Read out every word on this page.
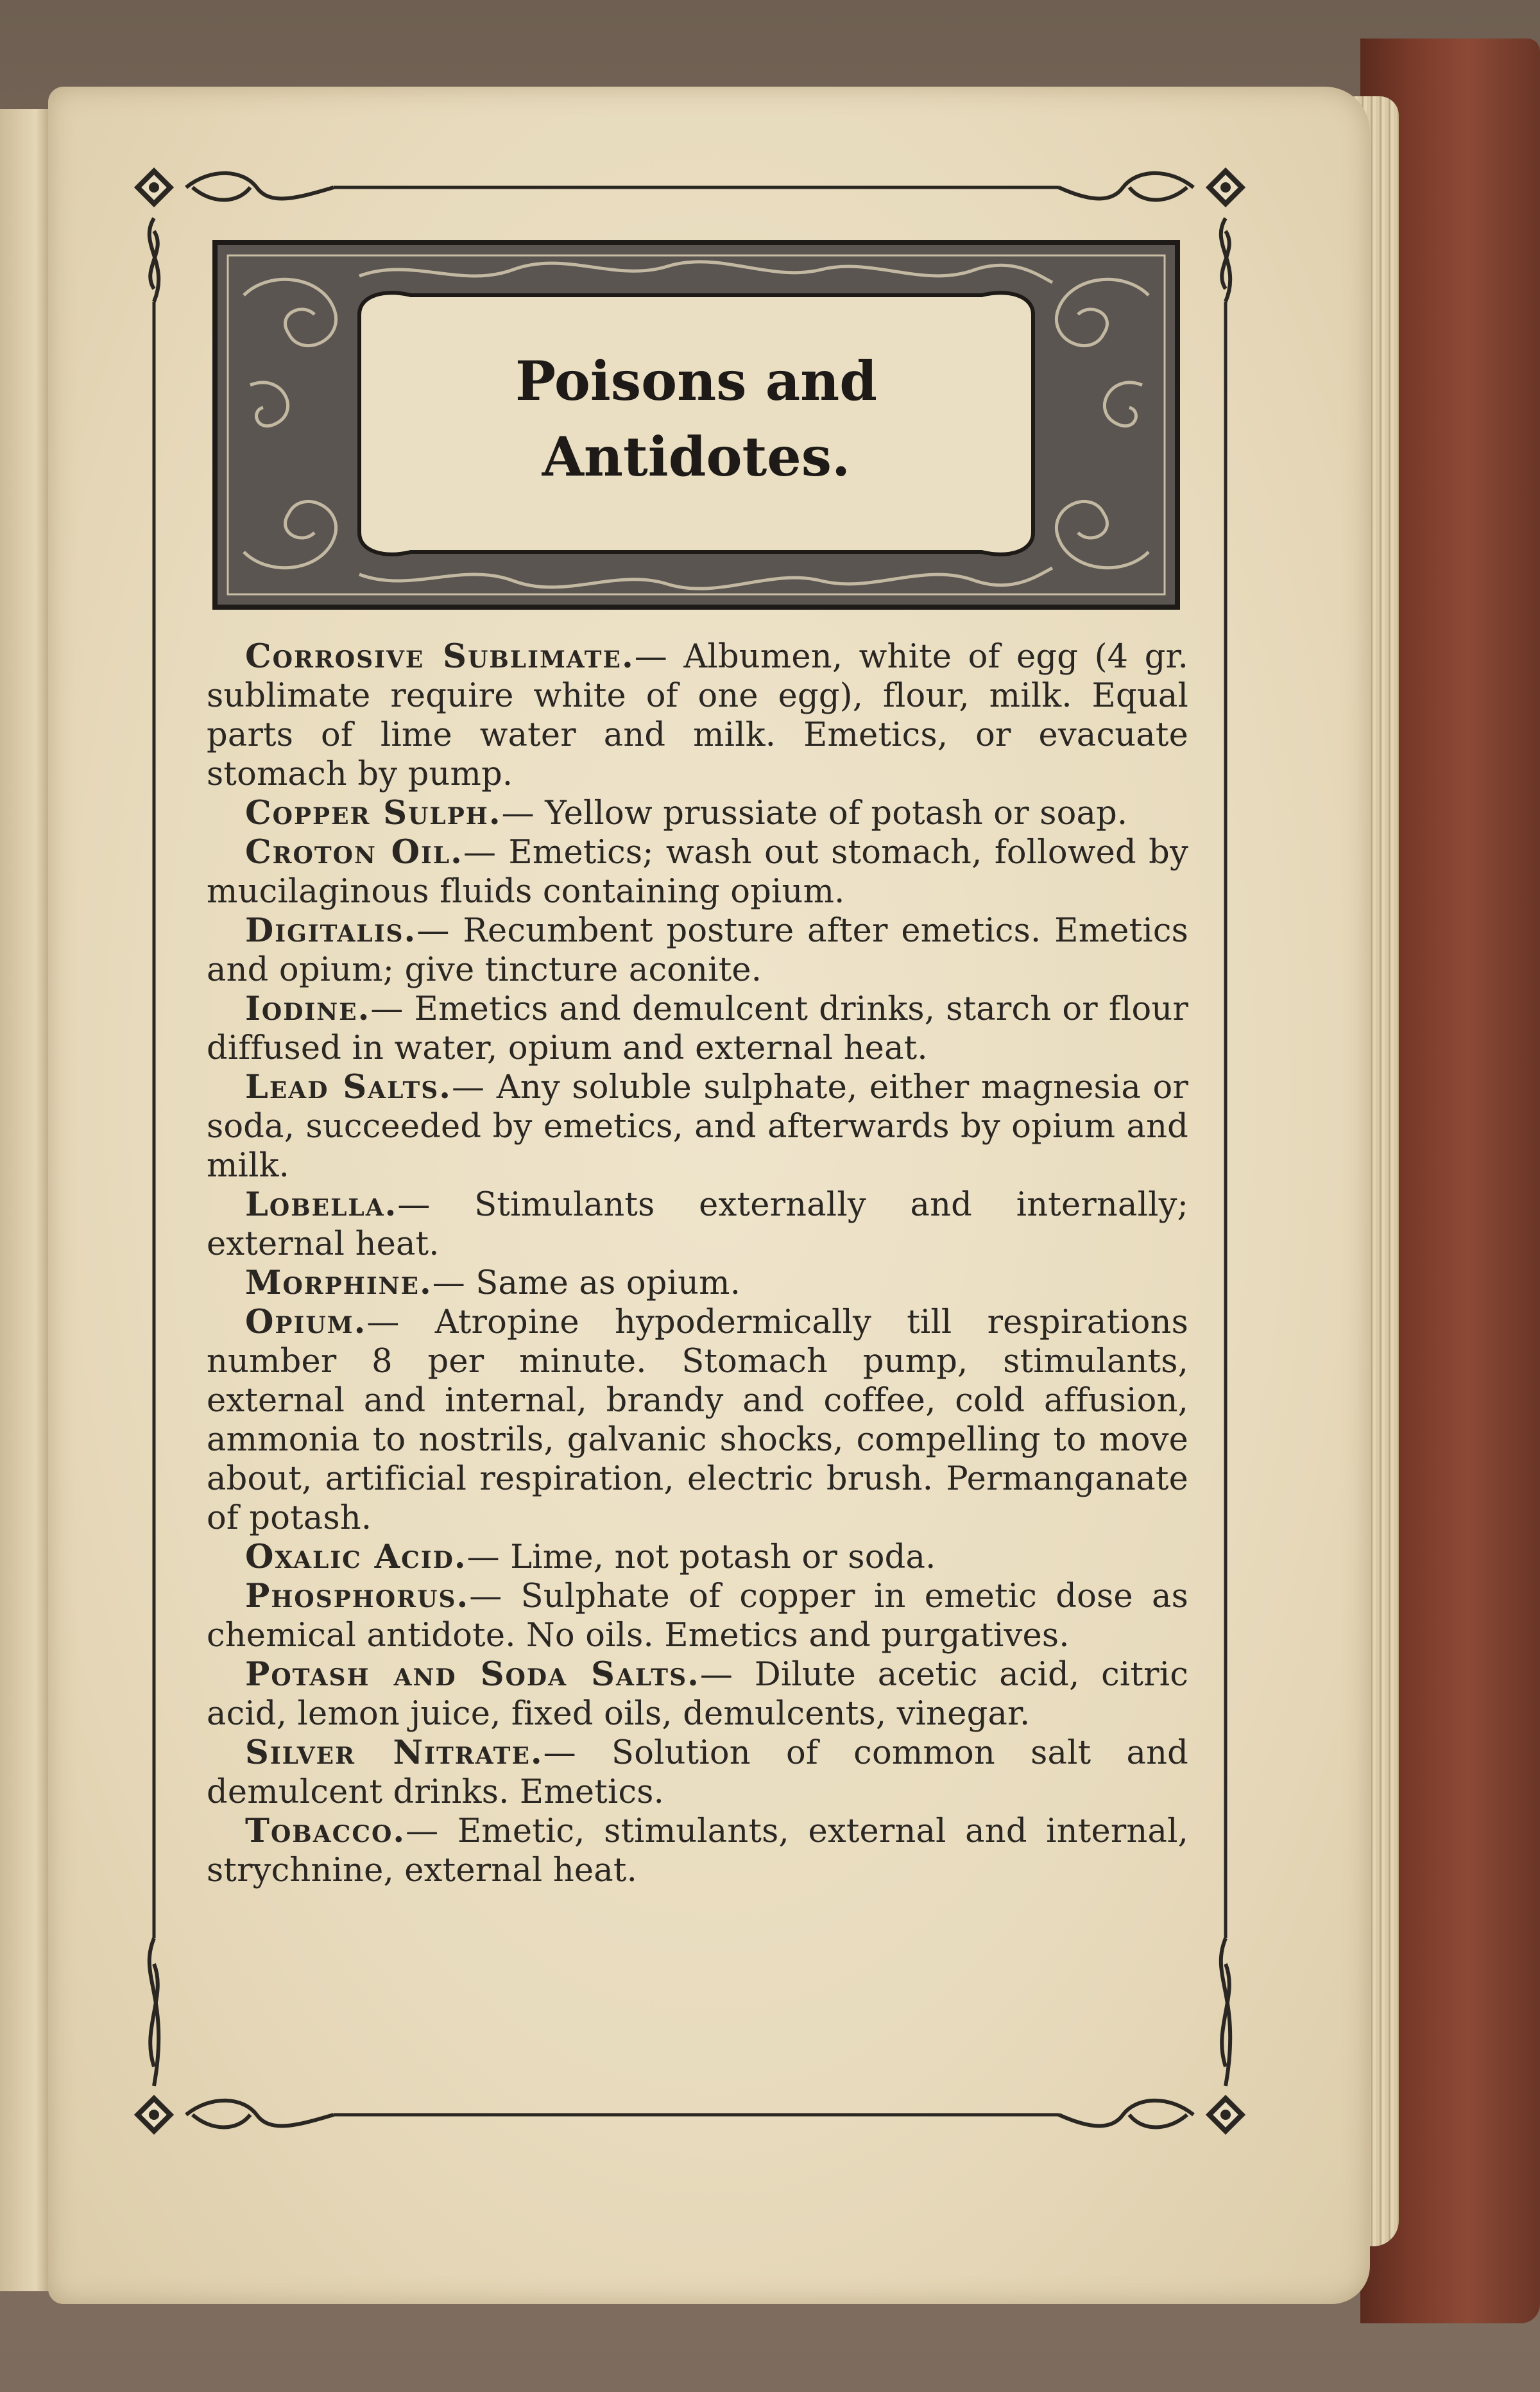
Poisons and
Antidotes.

Corrosive Sublimate.— Albumen, white of egg (4 gr. sublimate require white of one egg), flour, milk. Equal parts of lime water and milk. Emetics, or evacuate stomach by pump.

Copper Sulph.— Yellow prussiate of potash or soap.

Croton Oil.— Emetics; wash out stomach, followed by mucilaginous fluids containing opium.

Digitalis.— Recumbent posture after emetics. Emetics and opium; give tincture aconite.

Iodine.— Emetics and demulcent drinks, starch or flour diffused in water, opium and external heat.

Lead Salts.— Any soluble sulphate, either magnesia or soda, succeeded by emetics, and afterwards by opium and milk.

Lobella.— Stimulants externally and internally; external heat.

Morphine.— Same as opium.

Opium.— Atropine hypodermically till respirations number 8 per minute. Stomach pump, stimulants, external and internal, brandy and coffee, cold affusion, ammonia to nostrils, galvanic shocks, compelling to move about, artificial respiration, electric brush. Permanganate of potash.

Oxalic Acid.— Lime, not potash or soda.

Phosphorus.— Sulphate of copper in emetic dose as chemical antidote. No oils. Emetics and purgatives.

Potash and Soda Salts.— Dilute acetic acid, citric acid, lemon juice, fixed oils, demulcents, vinegar.

Silver Nitrate.— Solution of common salt and demulcent drinks. Emetics.

Tobacco.— Emetic, stimulants, external and internal, strychnine, external heat.
